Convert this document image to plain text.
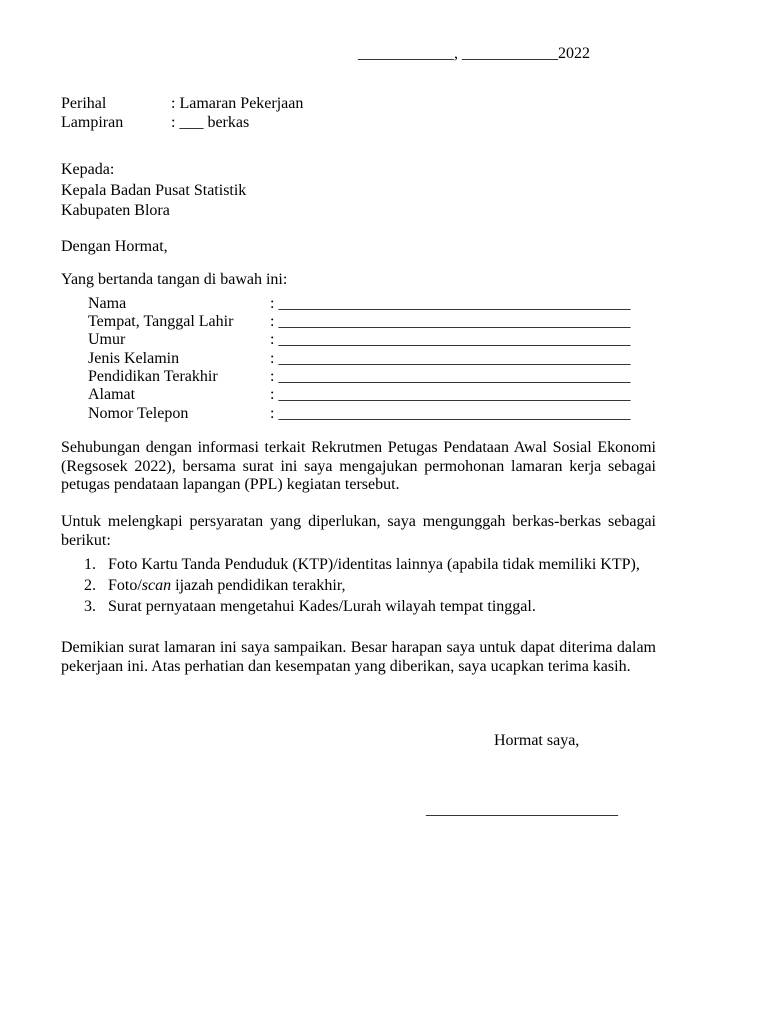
____________, ____________2022
Perihal	: Lamaran Pekerjaan
Lampiran	: ___ berkas
Kepada:
Kepala Badan Pusat Statistik
Kabupaten Blora
Dengan Hormat,
Yang bertanda tangan di bawah ini:
Nama	: ____________________________________________
Tempat, Tanggal Lahir : ____________________________________________
Umur	: ____________________________________________
Jenis Kelamin	: ____________________________________________
Pendidikan Terakhir	: ____________________________________________
Alamat	: ____________________________________________
Nomor Telepon	: ____________________________________________
Sehubungan dengan informasi terkait Rekrutmen Petugas Pendataan Awal Sosial Ekonomi (Regsosek 2022), bersama surat ini saya mengajukan permohonan lamaran kerja sebagai petugas pendataan lapangan (PPL) kegiatan tersebut.
Untuk melengkapi persyaratan yang diperlukan, saya mengunggah berkas-berkas sebagai berikut:
1. Foto Kartu Tanda Penduduk (KTP)/identitas lainnya (apabila tidak memiliki KTP),
2. Foto/scan ijazah pendidikan terakhir,
3. Surat pernyataan mengetahui Kades/Lurah wilayah tempat tinggal.
Demikian surat lamaran ini saya sampaikan. Besar harapan saya untuk dapat diterima dalam pekerjaan ini. Atas perhatian dan kesempatan yang diberikan, saya ucapkan terima kasih.
Hormat saya,
________________________
